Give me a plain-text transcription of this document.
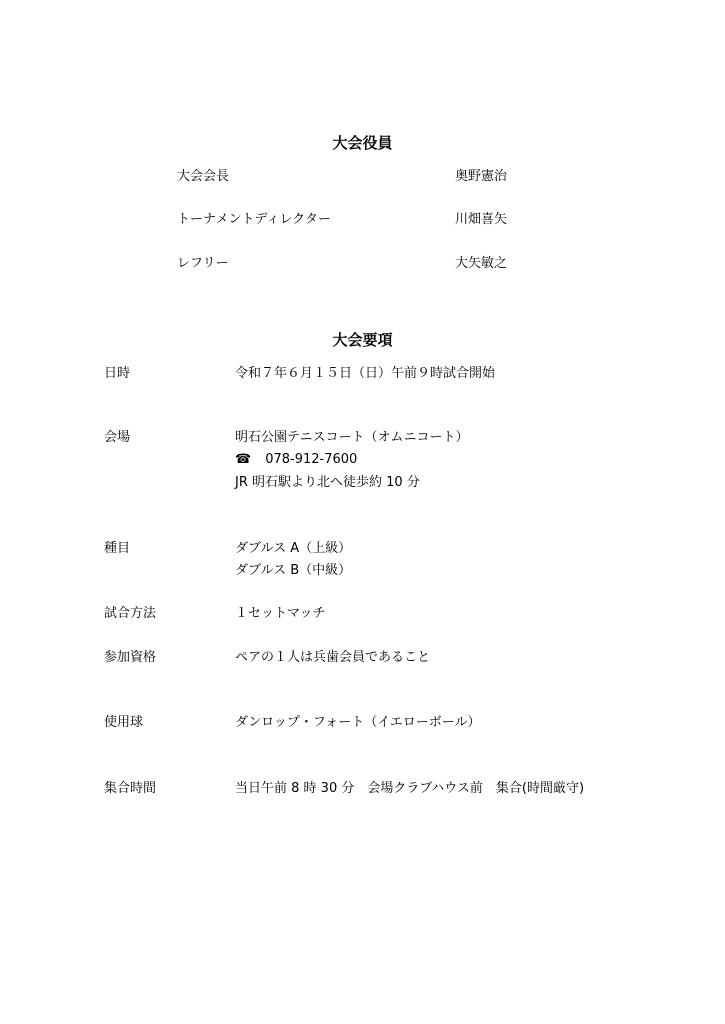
大会役員
大会会長	奥野憲治
トーナメントディレクター	川畑喜矢
レフリー	大矢敏之
大会要項
日時	令和７年６月１５日（日）午前９時試合開始
会場	明石公園テニスコート（オムニコート）
☎ 078-912-7600
JR 明石駅より北へ徒歩約 10 分
種目	ダブルス A（上級）
ダブルス B（中級）
試合方法	１セットマッチ
参加資格	ペアの１人は兵歯会員であること
使用球	ダンロップ・フォート（イエローボール）
集合時間	当日午前 8 時 30 分　会場クラブハウス前　集合(時間厳守)
